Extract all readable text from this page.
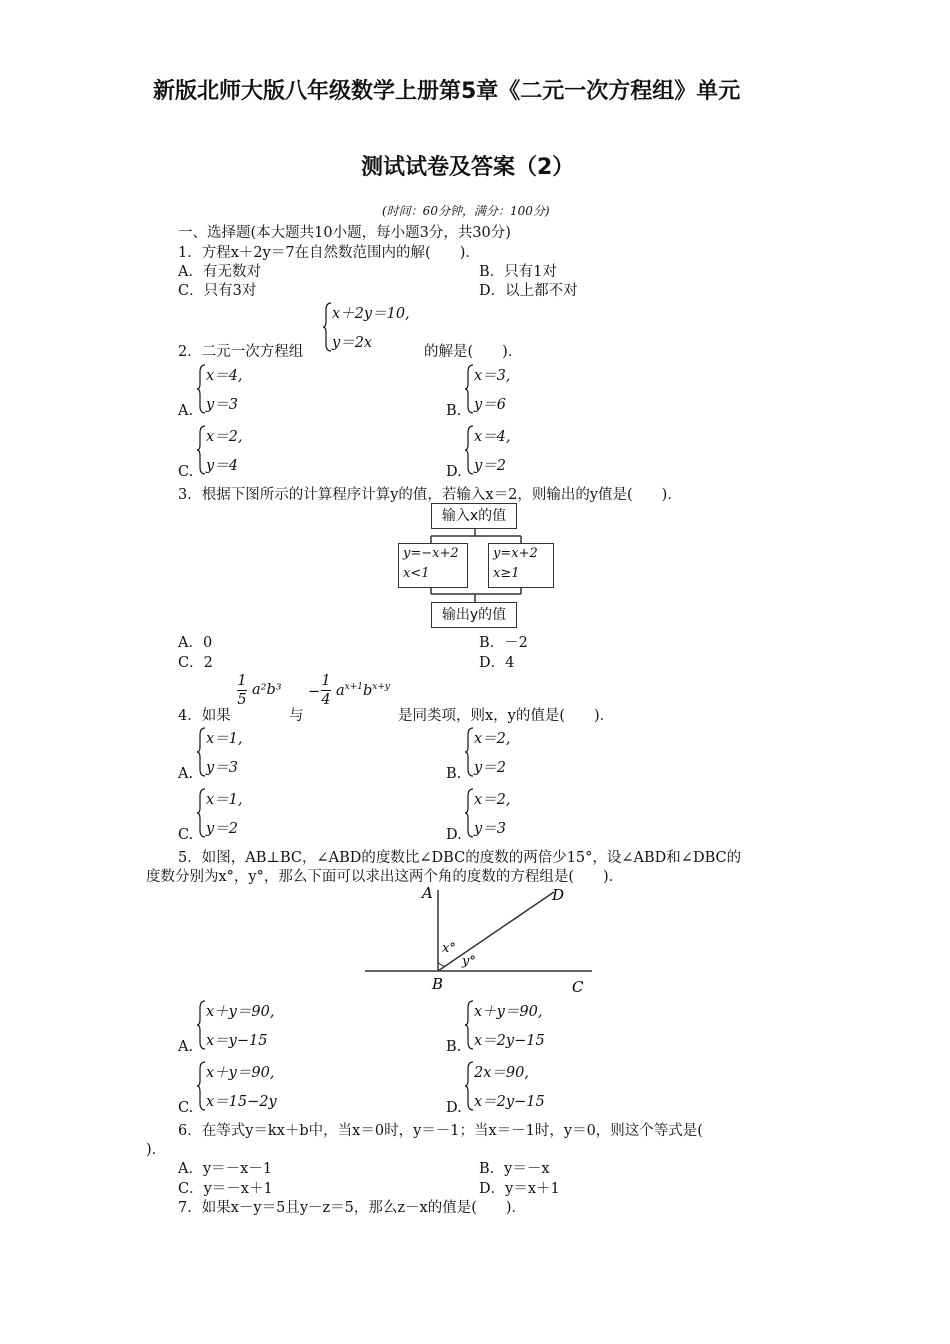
新版北师大版八年级数学上册第5章《二元一次方程组》单元
测试试卷及答案（2）
(时间：60分钟，满分：100分)
一、选择题(本大题共10小题，每小题3分，共30分)
1．方程x＋2y＝7在自然数范围内的解(　　)．
A．有无数对	B．只有1对
C．只有3对	D．以上都不对
2．二元一次方程组
x＋2y＝10,
y＝2x
的解是(　　)．
A.
x＝4,
y＝3	B.
x＝3,
y＝6
C.
x＝2,
y＝4	D.
x＝4,
y＝2
3．根据下图所示的计算程序计算y的值，若输入x＝2，则输出的y值是(　　)．
输入x的值
y=−x+2
x<1
y=x+2
x≥1
输出y的值
A．0	B．－2
C．2	D．4
4．如果
1
5
a²b³
与
−
1
4
$a^{x+1}b^{x+y}$
是同类项，则x，y的值是(　　)．
A.
x＝1,
y＝3	B.
x＝2,
y＝2
C.
x＝1,
y＝2	D.
x＝2,
y＝3
5．如图，AB⊥BC，∠ABD的度数比∠DBC的度数的两倍少15°，设∠ABD和∠DBC的
度数分别为x°，y°，那么下面可以求出这两个角的度数的方程组是(　　)．
A
B	C
D
x°
y°
A.
x＋y＝90,
x＝y−15	B.
x＋y＝90,
x＝2y−15
C.
x＋y＝90,
x＝15−2y	D.
2x＝90,
x＝2y−15
6．在等式y＝kx＋b中，当x＝0时，y＝－1；当x＝－1时，y＝0，则这个等式是(
)．
A．y＝－x－1	B．y＝－x
C．y＝－x＋1	D．y＝x＋1
7．如果x－y＝5且y－z＝5，那么z－x的值是(　　)．
